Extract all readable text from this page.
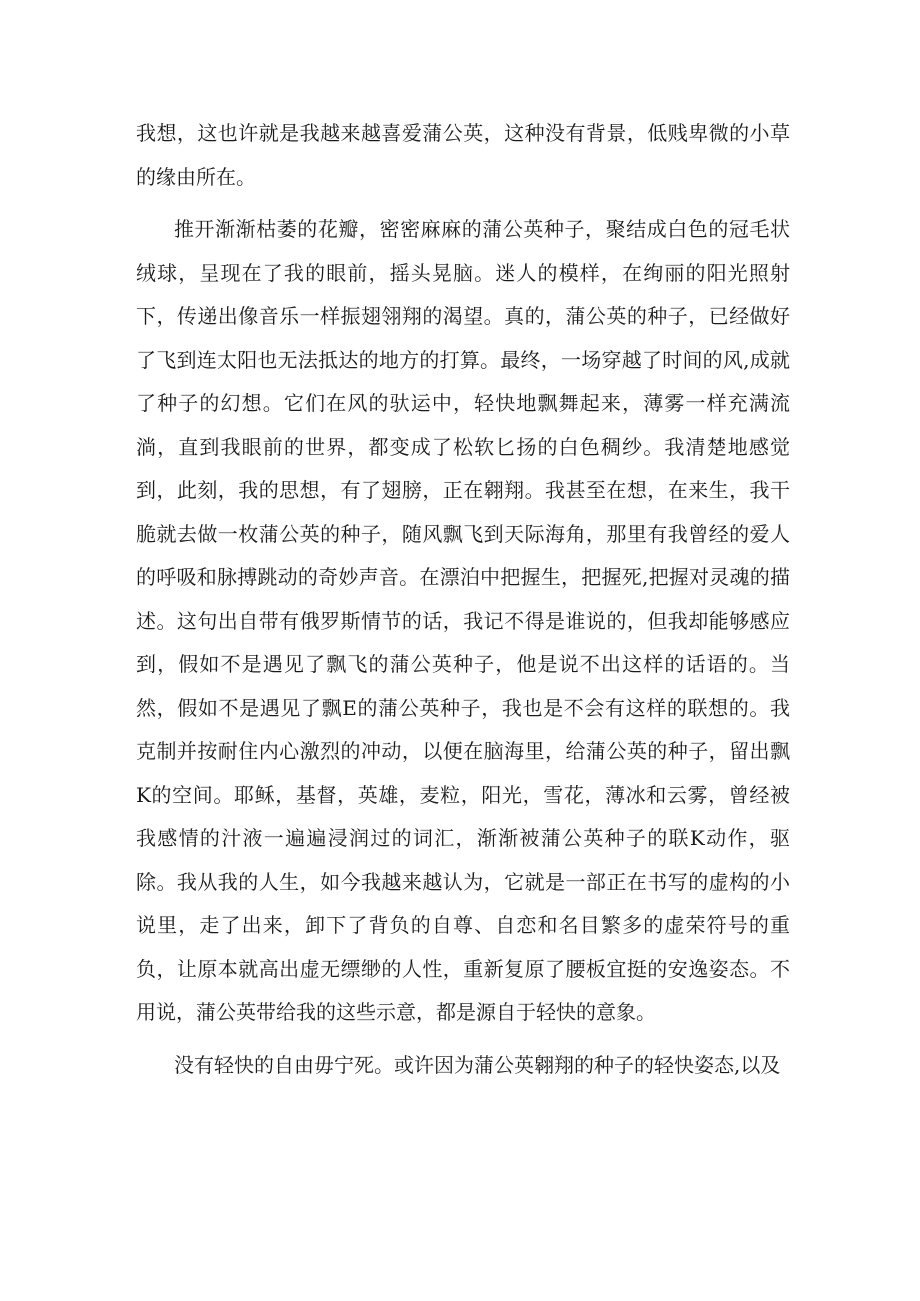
我想，这也许就是我越来越喜爱蒲公英，这种没有背景，低贱卑微的小草的缘由所在。

推开渐渐枯萎的花瓣，密密麻麻的蒲公英种子，聚结成白色的冠毛状绒球，呈现在了我的眼前，摇头晃脑。迷人的模样，在绚丽的阳光照射下，传递出像音乐一样振翅翎翔的渴望。真的，蒲公英的种子，已经做好了飞到连太阳也无法抵达的地方的打算。最终，一场穿越了时间的风,成就了种子的幻想。它们在风的驮运中，轻快地飘舞起来，薄雾一样充满流淌，直到我眼前的世界，都变成了松软匕扬的白色稠纱。我清楚地感觉到，此刻，我的思想，有了翅膀，正在翱翔。我甚至在想，在来生，我干脆就去做一枚蒲公英的种子，随风飘飞到天际海角，那里有我曾经的爱人的呼吸和脉搏跳动的奇妙声音。在漂泊中把握生，把握死,把握对灵魂的描述。这句出自带有俄罗斯情节的话，我记不得是谁说的，但我却能够感应到，假如不是遇见了飘飞的蒲公英种子，他是说不出这样的话语的。当然，假如不是遇见了飘E的蒲公英种子，我也是不会有这样的联想的。我克制并按耐住内心激烈的冲动，以便在脑海里，给蒲公英的种子，留出飘K的空间。耶稣，基督，英雄，麦粒，阳光，雪花，薄冰和云雾，曾经被我感情的汁液一遍遍浸润过的词汇，渐渐被蒲公英种子的联K动作，驱除。我从我的人生，如今我越来越认为，它就是一部正在书写的虚构的小说里，走了出来，卸下了背负的自尊、自恋和名目繁多的虚荣符号的重负，让原本就高出虚无缥缈的人性，重新复原了腰板宜挺的安逸姿态。不用说，蒲公英带给我的这些示意，都是源自于轻快的意象。

没有轻快的自由毋宁死。或许因为蒲公英翱翔的种子的轻快姿态,以及
